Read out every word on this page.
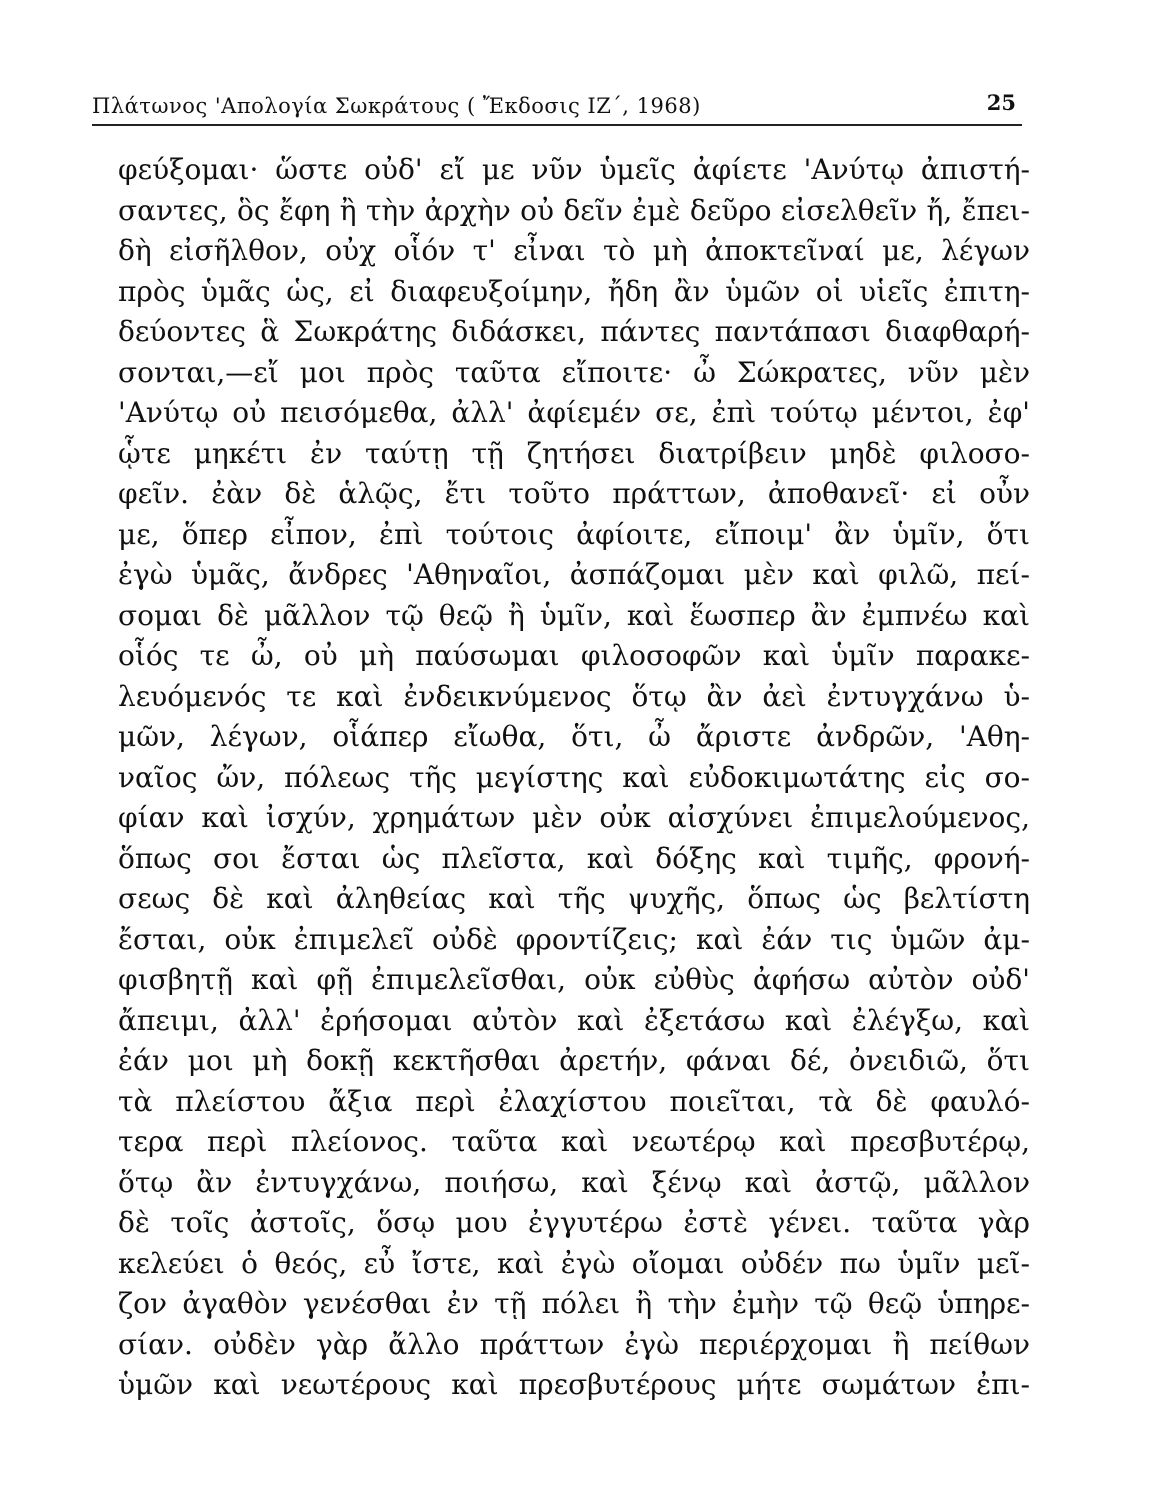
Πλάτωνος 'Απολογία Σωκράτους ( Ἔκδοσις ΙΖ΄, 1968)	25
φεύξομαι· ὥστε οὐδ' εἴ με νῦν ὑμεῖς ἀφίετε 'Ανύτῳ ἀπιστή-
σαντες, ὃς ἔφη ἢ τὴν ἀρχὴν οὐ δεῖν ἐμὲ δεῦρο εἰσελθεῖν ἤ, ἔπει-
δὴ εἰσῆλθον, οὐχ οἷόν τ' εἶναι τὸ μὴ ἀποκτεῖναί με, λέγων
πρὸς ὑμᾶς ὡς, εἰ διαφευξοίμην, ἤδη ἂν ὑμῶν οἱ υἱεῖς ἐπιτη-
δεύοντες ἃ Σωκράτης διδάσκει, πάντες παντάπασι διαφθαρή-
σονται,—εἴ μοι πρὸς ταῦτα εἴποιτε· ὦ Σώκρατες, νῦν μὲν
'Ανύτῳ οὐ πεισόμεθα, ἀλλ' ἀφίεμέν σε, ἐπὶ τούτῳ μέντοι, ἐφ'
ᾧτε μηκέτι ἐν ταύτῃ τῇ ζητήσει διατρίβειν μηδὲ φιλοσο-
φεῖν. ἐὰν δὲ ἁλῷς, ἔτι τοῦτο πράττων, ἀποθανεῖ· εἰ οὖν
με, ὅπερ εἶπον, ἐπὶ τούτοις ἀφίοιτε, εἴποιμ' ἂν ὑμῖν, ὅτι
ἐγὼ ὑμᾶς, ἄνδρες 'Αθηναῖοι, ἀσπάζομαι μὲν καὶ φιλῶ, πεί-
σομαι δὲ μᾶλλον τῷ θεῷ ἢ ὑμῖν, καὶ ἕωσπερ ἂν ἐμπνέω καὶ
οἷός τε ὦ, οὐ μὴ παύσωμαι φιλοσοφῶν καὶ ὑμῖν παρακε-
λευόμενός τε καὶ ἐνδεικνύμενος ὅτῳ ἂν ἀεὶ ἐντυγχάνω ὑ-
μῶν, λέγων, οἷάπερ εἴωθα, ὅτι, ὦ ἄριστε ἀνδρῶν, 'Αθη-
ναῖος ὤν, πόλεως τῆς μεγίστης καὶ εὐδοκιμωτάτης εἰς σο-
φίαν καὶ ἰσχύν, χρημάτων μὲν οὐκ αἰσχύνει ἐπιμελούμενος,
ὅπως σοι ἔσται ὡς πλεῖστα, καὶ δόξης καὶ τιμῆς, φρονή-
σεως δὲ καὶ ἀληθείας καὶ τῆς ψυχῆς, ὅπως ὡς βελτίστη
ἔσται, οὐκ ἐπιμελεῖ οὐδὲ φροντίζεις; καὶ ἐάν τις ὑμῶν ἀμ-
φισβητῇ καὶ φῇ ἐπιμελεῖσθαι, οὐκ εὐθὺς ἀφήσω αὐτὸν οὐδ'
ἄπειμι, ἀλλ' ἐρήσομαι αὐτὸν καὶ ἐξετάσω καὶ ἐλέγξω, καὶ
ἐάν μοι μὴ δοκῇ κεκτῆσθαι ἀρετήν, φάναι δέ, ὀνειδιῶ, ὅτι
τὰ πλείστου ἄξια περὶ ἐλαχίστου ποιεῖται, τὰ δὲ φαυλό-
τερα περὶ πλείονος. ταῦτα καὶ νεωτέρῳ καὶ πρεσβυτέρῳ,
ὅτῳ ἂν ἐντυγχάνω, ποιήσω, καὶ ξένῳ καὶ ἀστῷ, μᾶλλον
δὲ τοῖς ἀστοῖς, ὅσῳ μου ἐγγυτέρω ἐστὲ γένει. ταῦτα γὰρ
κελεύει ὁ θεός, εὖ ἴστε, καὶ ἐγὼ οἴομαι οὐδέν πω ὑμῖν μεῖ-
ζον ἀγαθὸν γενέσθαι ἐν τῇ πόλει ἢ τὴν ἐμὴν τῷ θεῷ ὑπηρε-
σίαν. οὐδὲν γὰρ ἄλλο πράττων ἐγὼ περιέρχομαι ἢ πείθων
ὑμῶν καὶ νεωτέρους καὶ πρεσβυτέρους μήτε σωμάτων ἐπι-
